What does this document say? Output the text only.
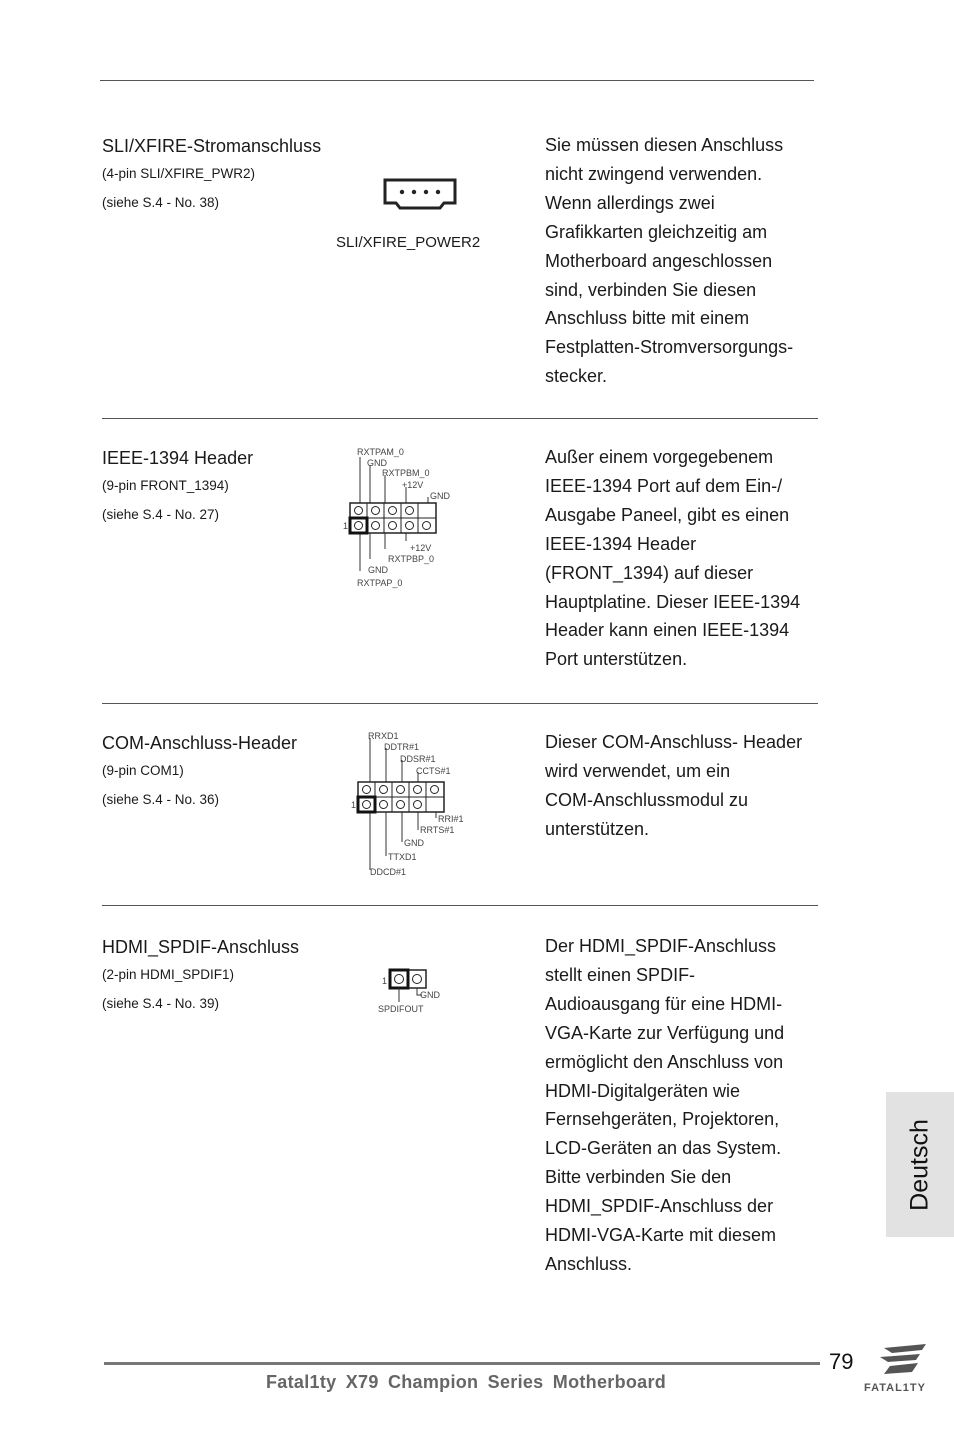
SLI/XFIRE-Stromanschluss
(4-pin SLI/XFIRE_PWR2)
(siehe S.4 - No. 38)
SLI/XFIRE_POWER2
Sie müssen diesen Anschluss
nicht zwingend verwenden.
Wenn allerdings zwei
Grafikkarten gleichzeitig am
Motherboard angeschlossen
sind, verbinden Sie diesen
Anschluss bitte mit einem
Festplatten-Stromversorgungs-
stecker.
IEEE-1394 Header
(9-pin FRONT_1394)
(siehe S.4 - No. 27)
RXTPAM_0
GND
RXTPBM_0
+12V
GND
1
+12V
RXTPBP_0
GND
RXTPAP_0
Außer einem vorgegebenem
IEEE-1394 Port auf dem Ein-/
Ausgabe Paneel, gibt es einen
IEEE-1394 Header
(FRONT_1394) auf dieser
Hauptplatine. Dieser IEEE-1394
Header kann einen IEEE-1394
Port unterstützen.
COM-Anschluss-Header
(9-pin COM1)
(siehe S.4 - No. 36)
RRXD1
DDTR#1
DDSR#1
CCTS#1
1
RRI#1
RRTS#1
GND
TTXD1
DDCD#1
Dieser COM-Anschluss- Header
wird verwendet, um ein
COM-Anschlussmodul zu
unterstützen.
HDMI_SPDIF-Anschluss
(2-pin HDMI_SPDIF1)
(siehe S.4 - No. 39)
1
GND
SPDIFOUT
Der HDMI_SPDIF-Anschluss
stellt einen SPDIF-
Audioausgang für eine HDMI-
VGA-Karte zur Verfügung und
ermöglicht den Anschluss von
HDMI-Digitalgeräten wie
Fernsehgeräten, Projektoren,
LCD-Geräten an das System.
Bitte verbinden Sie den
HDMI_SPDIF-Anschluss der
HDMI-VGA-Karte mit diesem
Anschluss.
Deutsch
79
Fatal1ty X79 Champion Series Motherboard	FATAL1TY
